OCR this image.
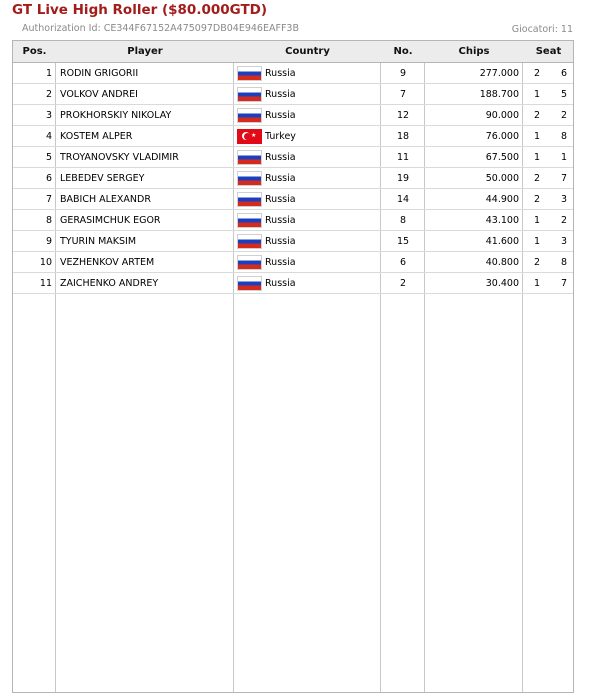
GT Live High Roller ($80.000GTD)
Authorization Id: CE344F67152A475097DB04E946EAFF3B	Giocatori: 11
Pos.	Player	Country	No.	Chips	Seat
1	RODIN GRIGORII	Russia	9	277.000	2 6

2	VOLKOV ANDREI	Russia	7	188.700	1 5

3	PROKHORSKIY NIKOLAY	Russia	12	90.000	2 2

4	KOSTEM ALPER	★ Turkey	18	76.000	1 8

5	TROYANOVSKY VLADIMIR	Russia	11	67.500	1 1

6	LEBEDEV SERGEY	Russia	19	50.000	2 7

7	BABICH ALEXANDR	Russia	14	44.900	2 3

8	GERASIMCHUK EGOR	Russia	8	43.100	1 2

9	TYURIN MAKSIM	Russia	15	41.600	1 3

10	VEZHENKOV ARTEM	Russia	6	40.800	2 8

11	ZAICHENKO ANDREY	Russia	2	30.400	1 7
